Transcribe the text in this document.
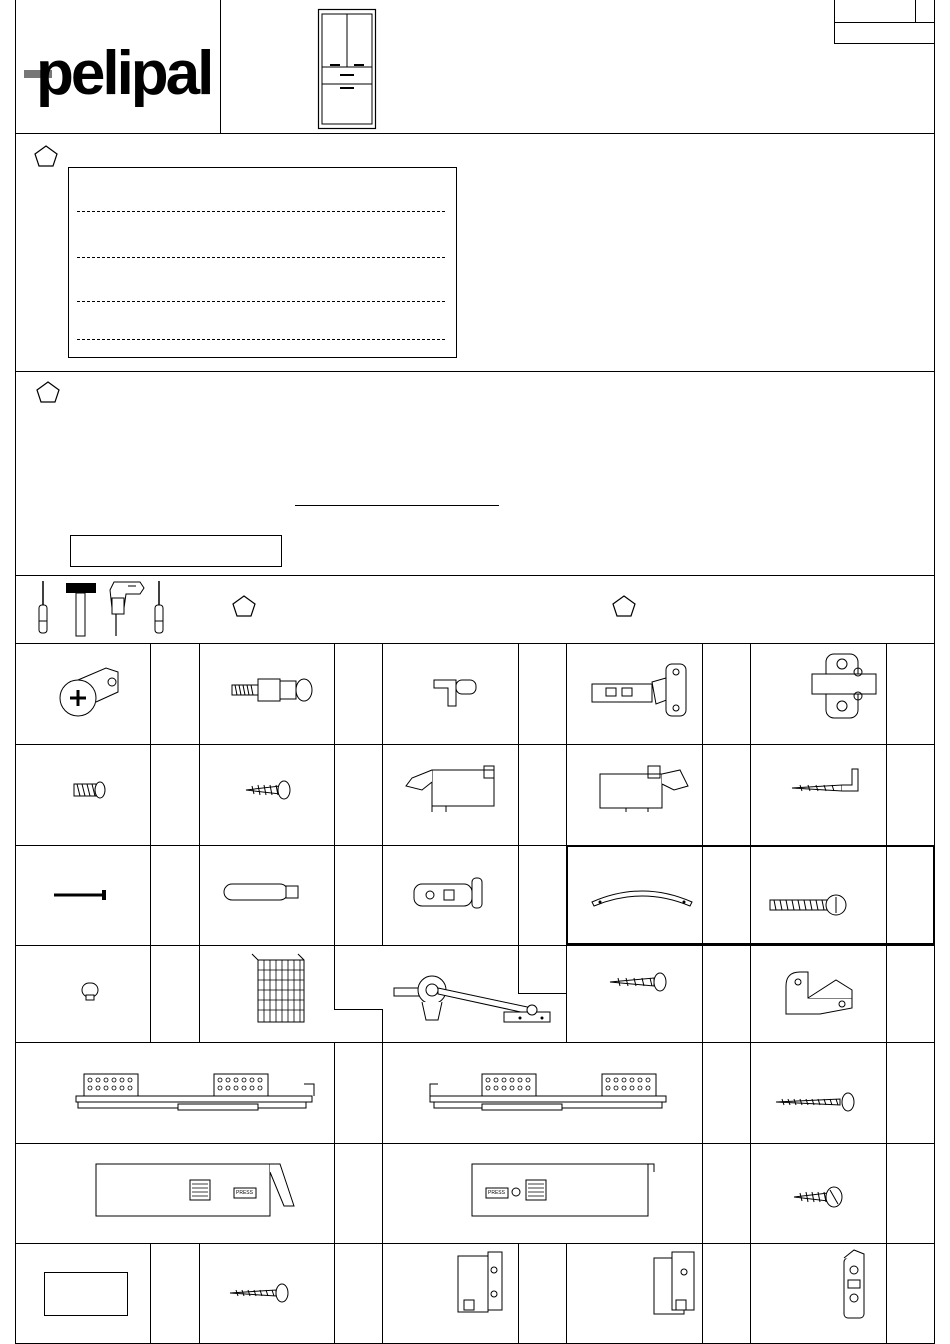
pelipal
PRESS	PRESS
